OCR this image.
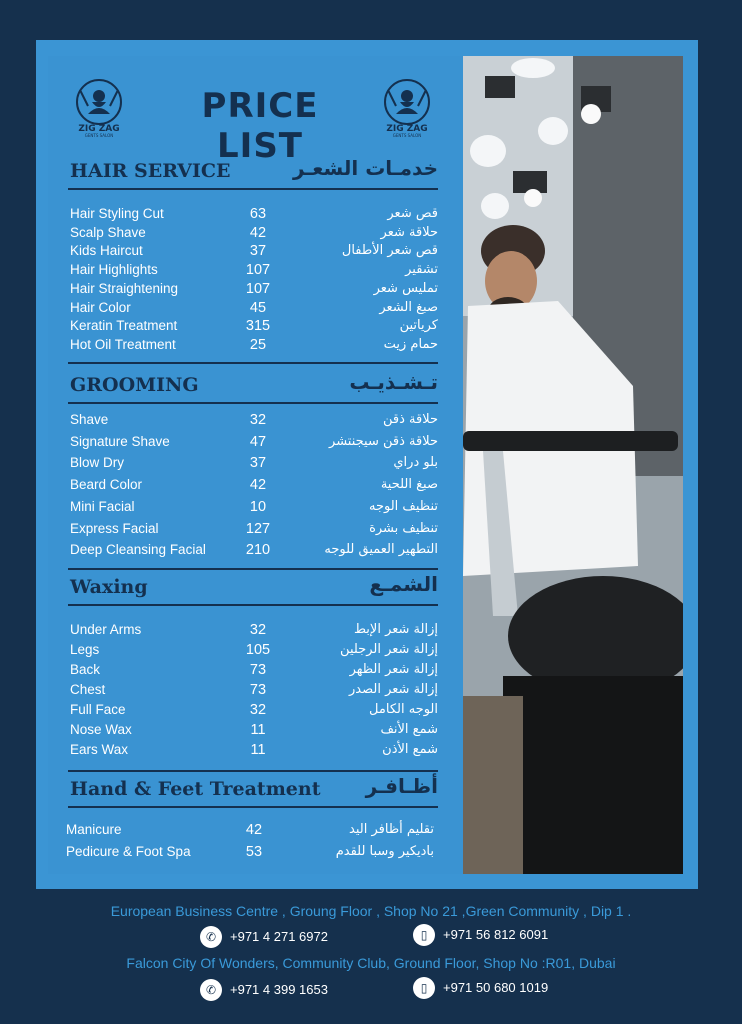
ZIG ZAG
GENTS SALON
PRICE LIST	ZIG ZAG
GENTS SALON
HAIR SERVICE	خدمـات الشعـر
Hair Styling Cut	63	قص شعر
Scalp Shave	42	حلاقة شعر
Kids Haircut	37	قص شعر الأطفال
Hair Highlights	107	تشقير
Hair Straightening	107	تمليس شعر
Hair Color	45	صبغ الشعر
Keratin Treatment	315	كرياتين
Hot Oil Treatment	25	حمام زيت
GROOMING	تـشـذيـب
Shave	32	حلاقة ذقن
Signature Shave	47	حلاقة ذقن سيجنتشر
Blow Dry	37	بلو دراي
Beard Color	42	صبغ اللحية
Mini Facial	10	تنظيف الوجه
Express Facial	127	تنظيف بشرة
Deep Cleansing Facial	210	التطهير العميق للوجه
Waxing	الشمـع
Under Arms	32	إزالة شعر الإبط
Legs	105	إزالة شعر الرجلين
Back	73	إزالة شعر الظهر
Chest	73	إزالة شعر الصدر
Full Face	32	الوجه الكامل
Nose Wax	11	شمع الأنف
Ears Wax	11	شمع الأذن
Hand & Feet Treatment أظـافـر
Manicure	42	تقليم أظافر اليد
Pedicure & Foot Spa	53	باديكير وسبا للقدم
European Business Centre , Groung Floor , Shop No 21 ,Green Community , Dip 1 .
✆	+971 4 271 6972	▯	+971 56 812 6091
Falcon City Of Wonders, Community Club, Ground Floor, Shop No :R01, Dubai
✆	+971 4 399 1653	▯	+971 50 680 1019
